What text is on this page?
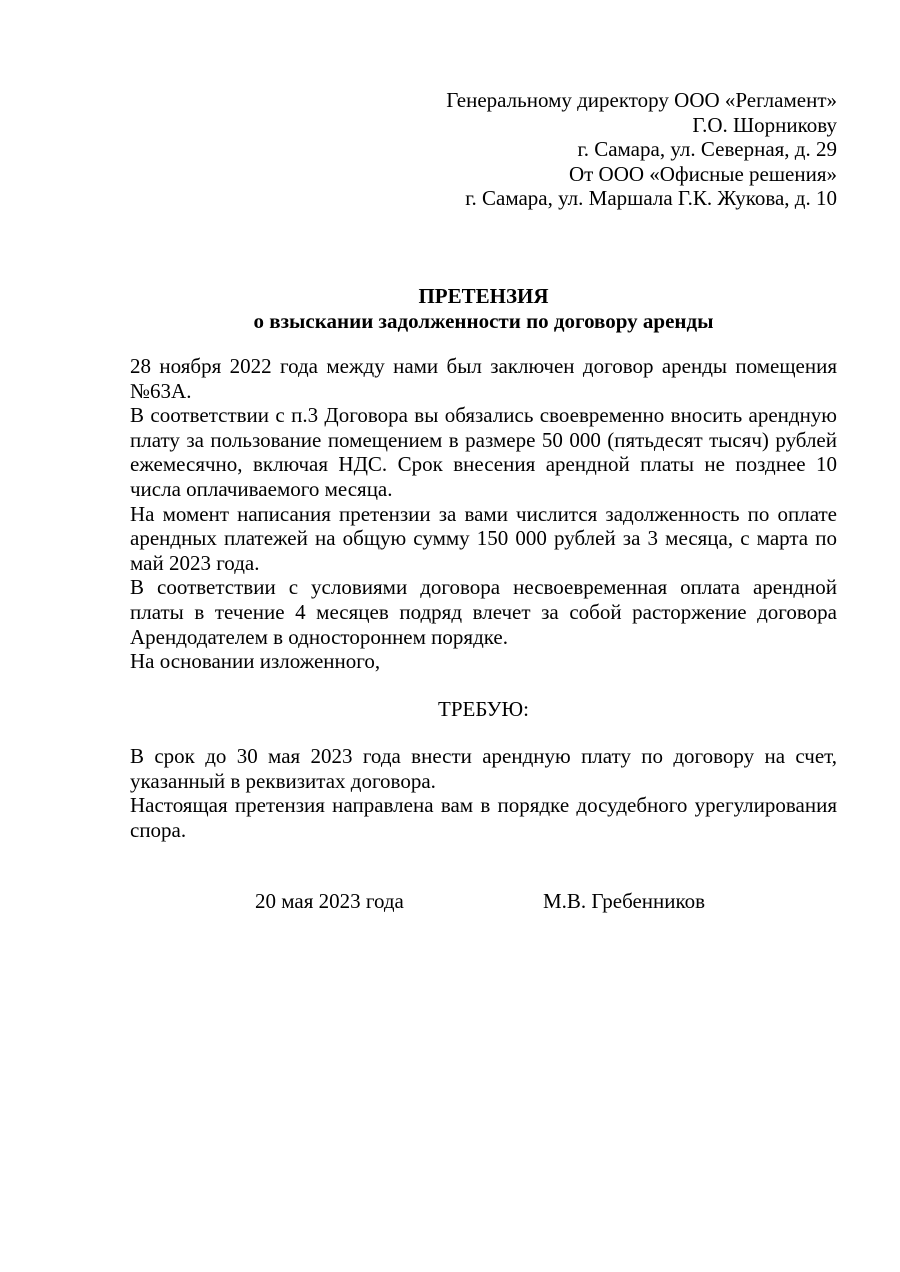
Генеральному директору ООО «Регламент»
Г.О. Шорникову
г. Самара, ул. Северная, д. 29
От ООО «Офисные решения»
г. Самара, ул. Маршала Г.К. Жукова, д. 10
ПРЕТЕНЗИЯ
о взыскании задолженности по договору аренды

28 ноября 2022 года между нами был заключен договор аренды помещения №63А.

В соответствии с п.3 Договора вы обязались своевременно вносить арендную плату за пользование помещением в размере 50 000 (пятьдесят тысяч) рублей ежемесячно, включая НДС. Срок внесения арендной платы не позднее 10 числа оплачиваемого месяца.

На момент написания претензии за вами числится задолженность по оплате арендных платежей на общую сумму 150 000 рублей за 3 месяца, с марта по май 2023 года.

В соответствии с условиями договора несвоевременная оплата арендной платы в течение 4 месяцев подряд влечет за собой расторжение договора Арендодателем в одностороннем порядке.

На основании изложенного,

ТРЕБУЮ:

В срок до 30 мая 2023 года внести арендную плату по договору на счет, указанный в реквизитах договора.

Настоящая претензия направлена вам в порядке досудебного урегулирования спора.

20 мая 2023 года	М.В. Гребенников
